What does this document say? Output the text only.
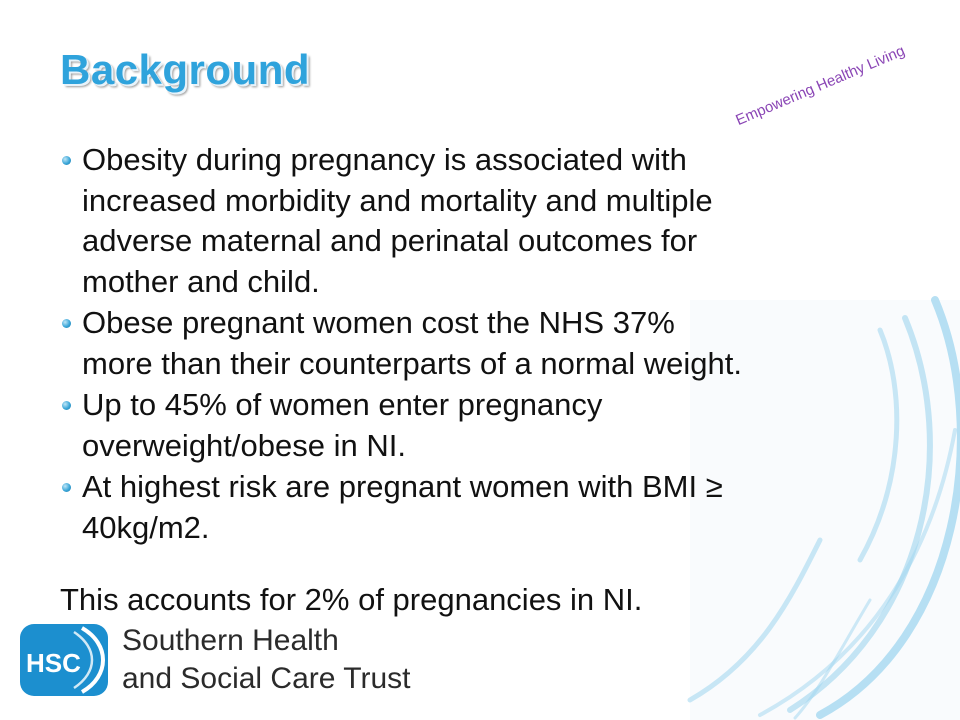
Background	Empowering Healthy Living
Obesity during pregnancy is associated with
increased morbidity and mortality and multiple
adverse maternal and perinatal outcomes for
mother and child.
Obese pregnant women cost the NHS 37%
more than their counterparts of a normal weight.
Up to 45% of women enter pregnancy
overweight/obese in NI.
At highest risk are pregnant women with BMI ≥
40kg/m2.

This accounts for 2% of pregnancies in NI.

HSC
Southern Health
and Social Care Trust
